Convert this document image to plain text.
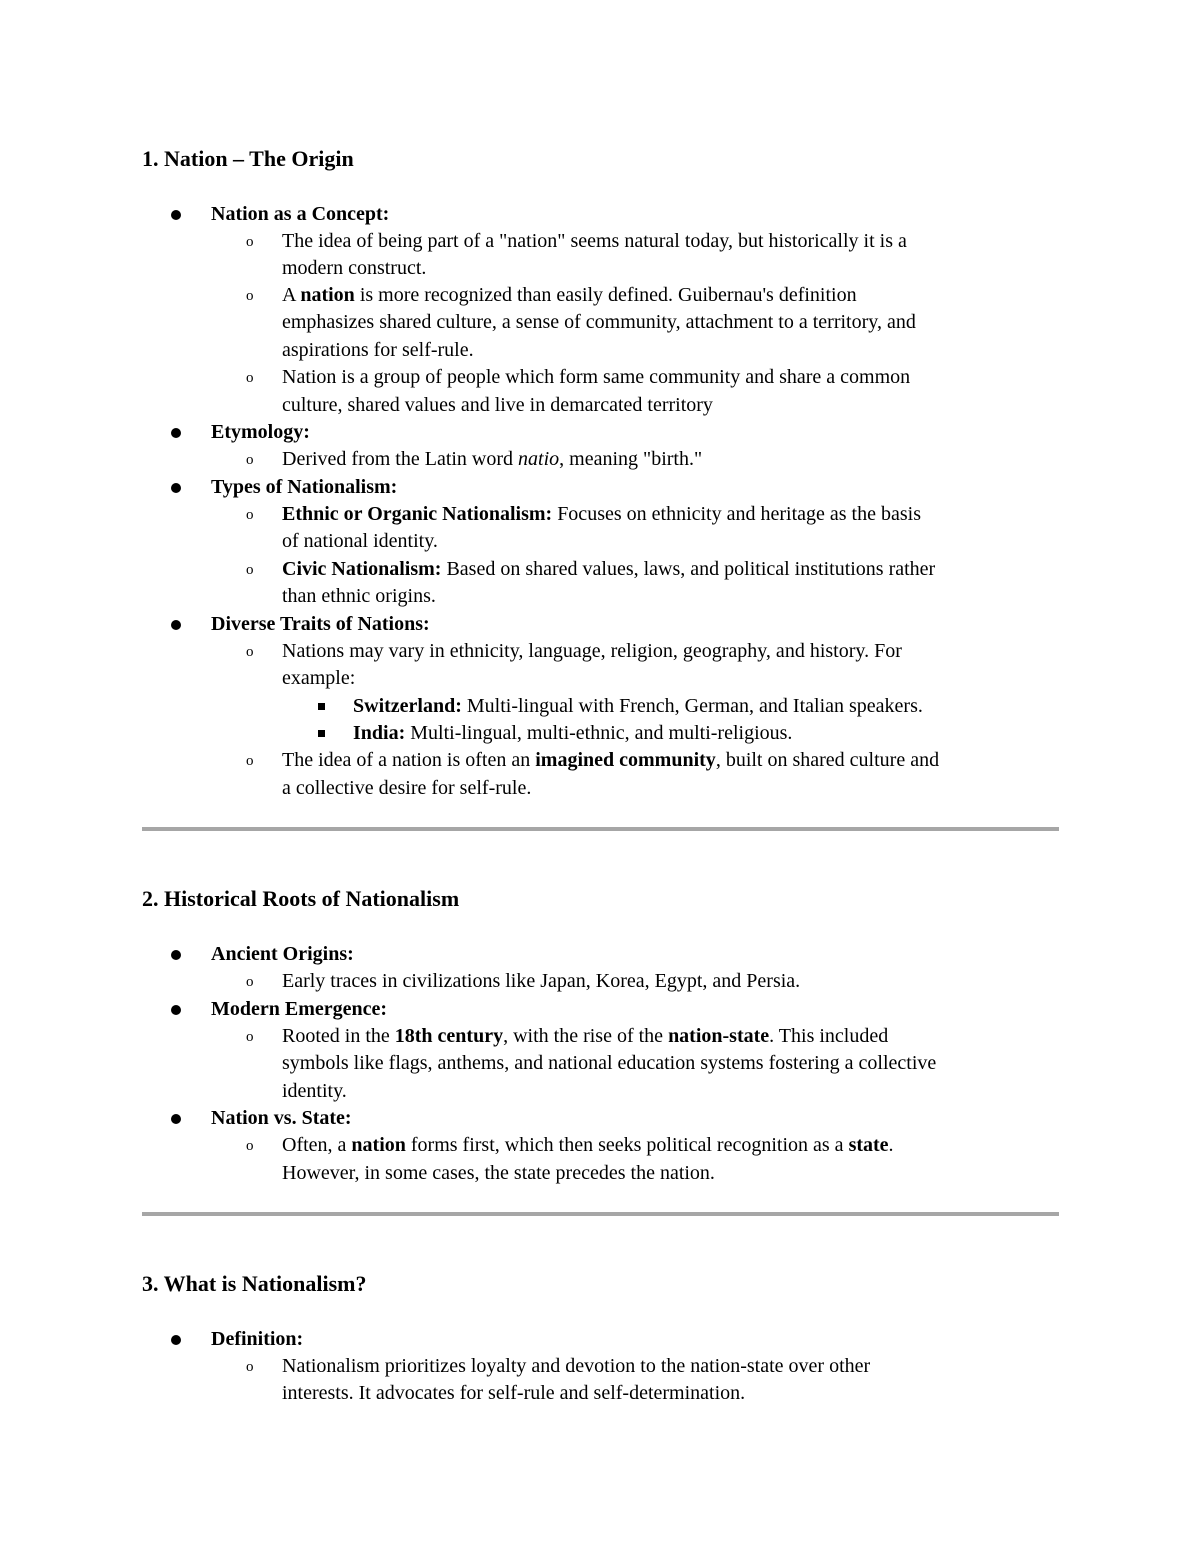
1. Nation – The Origin
Nation as a Concept:
o The idea of being part of a "nation" seems natural today, but historically it is a
modern construct.
o A nation is more recognized than easily defined. Guibernau's definition
emphasizes shared culture, a sense of community, attachment to a territory, and
aspirations for self-rule.
o Nation is a group of people which form same community and share a common
culture, shared values and live in demarcated territory
Etymology:
o Derived from the Latin word natio, meaning "birth."
Types of Nationalism:
o Ethnic or Organic Nationalism: Focuses on ethnicity and heritage as the basis
of national identity.
o Civic Nationalism: Based on shared values, laws, and political institutions rather
than ethnic origins.
Diverse Traits of Nations:
o Nations may vary in ethnicity, language, religion, geography, and history. For
example:
Switzerland: Multi-lingual with French, German, and Italian speakers.
India: Multi-lingual, multi-ethnic, and multi-religious.
o The idea of a nation is often an imagined community, built on shared culture and
a collective desire for self-rule.
2. Historical Roots of Nationalism
Ancient Origins:
o Early traces in civilizations like Japan, Korea, Egypt, and Persia.
Modern Emergence:
o Rooted in the 18th century, with the rise of the nation-state. This included
symbols like flags, anthems, and national education systems fostering a collective
identity.
Nation vs. State:
o Often, a nation forms first, which then seeks political recognition as a state.
However, in some cases, the state precedes the nation.
3. What is Nationalism?
Definition:
o Nationalism prioritizes loyalty and devotion to the nation-state over other
interests. It advocates for self-rule and self-determination.
